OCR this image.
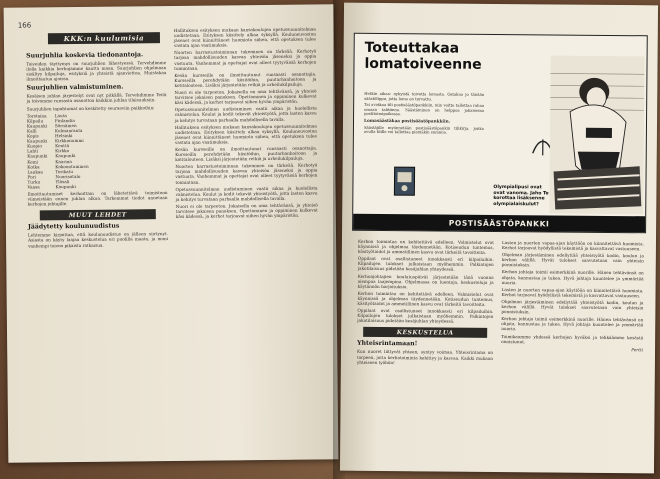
166
KKK:n kuulumisia
Suurjuhlia koskevia tiedonantoja.

Toiveiden täyttymys on suurjuhlien lähestyessä. Tervehdimme ilolla kaikkia kerhojamme kautta maan. Suurjuhlien ohjelmaan sisältyy kilpailuja, esityksiä ja yhteistä ajanviettoa. Muistakaa ilmoittautua ajoissa.

Suurjuhlien valmistuminen.

Kesäisen juhlan järjestelyt ovat nyt pitkällä. Tervehdimme Teitä ja toivomme runsasta osanottoa kaikkiin juhlan tilaisuuksiin.

Suurjuhlien tapahtumat on keskitetty seuraaviin paikkoihin:

Torstaina	Lauta
Kilpailu	Finlandia
Kaupunki	Sörnäinen
Kalli	Kulmanranta
Kopis	Helsinki
Kaupunki	Kirkkonummi
Kuopio	Kenttä
Lahti	Kirkko
Kaupunki	Kaupunki
Kemi	Kaarina
Kotka	Kokoontuminen
Laukaa	Torikatu
Pori	Nuorisotalo
Turku	Yläsali
Vaasa	Kaupunki

Ilmoittautumiset kerhoittain on lähetettävä toimistoon viimeistään ennen juhlan alkua. Tarkemmat tiedot annetaan kerhojen johtajille.

MUUT LEHDET
Jäädytetty koulunuudistus

Lehtemme kirjoittaa, että koulunuudistus on jälleen siirtynyt. Asiasta on käyty laajaa keskustelua eri puolilla maata, ja moni vanhempi toivoo pikaista ratkaisua.

Hallituksen esityksen mukaan kansakoulujen opetussuunnitelmaa uudistetaan. Esityksen käsittely alkaa syksyllä. Kouluneuvoston jäsenet ovat kiinnittäneet huomiota siihen, että opetuksen tulee vastata ajan vaatimuksia.

Nuorten harrastustoiminnan tukeminen on tärkeää. Kerhotyö tarjoaa mahdollisuuden kasvaa yhteisön jäseneksi ja oppia vastuuta. Vanhemmat ja opettajat ovat olleet tyytyväisiä kerhojen toimintaan.

Kesän kursseille on ilmoittautunut runsaasti osanottajia. Kursseilla perehdytään käsitöihin, puutarhanhoitoon ja kotitalouteen. Lisäksi järjestetään retkiä ja urheilukilpailuja.

Nuori ei ole tarpeeton. Jokaisella on oma tehtävänsä, ja yhteisö tarvitsee jokaisen panoksen. Opettaminen ja oppiminen kulkevat käsi kädessä, ja kerhot tarjoavat siihen hyvän ympäristön.

Opetussuunnitelman uudistaminen vaatii aikaa ja huolellista valmistelua. Koulut ja kodit tekevät yhteistyötä, jotta lasten kasvu ja kehitys turvataan parhaalla mahdollisella tavalla.

Hallituksen esityksen mukaan kansakoulujen opetussuunnitelmaa uudistetaan. Esityksen käsittely alkaa syksyllä. Kouluneuvoston jäsenet ovat kiinnittäneet huomiota siihen, että opetuksen tulee vastata ajan vaatimuksia.

Kesän kursseille on ilmoittautunut runsaasti osanottajia. Kursseilla perehdytään käsitöihin, puutarhanhoitoon ja kotitalouteen. Lisäksi järjestetään retkiä ja urheilukilpailuja.

Nuorten harrastustoiminnan tukeminen on tärkeää. Kerhotyö tarjoaa mahdollisuuden kasvaa yhteisön jäseneksi ja oppia vastuuta. Vanhemmat ja opettajat ovat olleet tyytyväisiä kerhojen toimintaan.

Opetussuunnitelman uudistaminen vaatii aikaa ja huolellista valmistelua. Koulut ja kodit tekevät yhteistyötä, jotta lasten kasvu ja kehitys turvataan parhaalla mahdollisella tavalla.

Nuori ei ole tarpeeton. Jokaisella on oma tehtävänsä, ja yhteisö tarvitsee jokaisen panoksen. Opettaminen ja oppiminen kulkevat käsi kädessä, ja kerhot tarjoavat siihen hyvän ympäristön.

Toteuttakaa lomatoiveenne

Hetkin aikaa: nykyistä toivetta lomasta. Ostakaa jo tänään säästölippu, jotta loma on turvattu.

Tai avatkaa tili postisäästöpankkiin, niin voitte tallettaa rahaa omaan tahtiinne. Säästäminen on helppoa jokaisessa postitoimipaikassa.

Lomasäästäkaa postisäästöpankkiin.

Säästäjille myönnetään postisäästöpankin tilikirja, jonka avulla tilille voi tallettaa pieniäkin summia.

Olympialipusi ovat ovat vanoma. Jaho Te korottaa lisäksenne olympialaiskulut?
POSTISÄÄSTÖPANKKI

Kerhon toimintaa on kehitettävä edelleen. Valmistelut ovat käynnissä ja ohjelmaa täydennetään. Kotiseudun tuntemus, käsityötaidot ja ammatillinen kasvu ovat tärkeitä tavoitteita.

Oppilaat ovat osallistuneet innokkaasti eri kilpailuihin. Kilpailujen tulokset julkaistaan myöhemmin. Palkintojen jakotilaisuus pidetään kesäjuhlan yhteydessä.

Kerhonjohtajien koulutuspäivät järjestetään tänä vuonna aiempaa laajempina. Ohjelmassa on luentoja, keskusteluja ja käytännön harjoituksia.

Kerhon toimintaa on kehitettävä edelleen. Valmistelut ovat käynnissä ja ohjelmaa täydennetään. Kotiseudun tuntemus, käsityötaidot ja ammatillinen kasvu ovat tärkeitä tavoitteita.

Oppilaat ovat osallistuneet innokkaasti eri kilpailuihin. Kilpailujen tulokset julkaistaan myöhemmin. Palkintojen jakotilaisuus pidetään kesäjuhlan yhteydessä.

KESKUSTELUA
Yhteisrintamaan!

Kun nuoret liittyvät yhteen, syntyy voimaa. Yhteisrintama on tarpeen, jotta kerhotoiminta kehittyy ja kasvaa. Kaikki mukaan yhteiseen työhön!

Lasten ja nuorten vapaa-ajan käyttöön on kiinnitettävä huomiota. Kerhot tarjoavat hyödyllistä tekemistä ja kasvattavat vastuuseen.

Ohjelman järjestäminen edellyttää yhteistyötä kodin, koulun ja kerhon välillä. Hyvät tulokset saavutetaan vain yhteisin ponnistuksin.

Kerhon johtaja toimii esimerkkinä nuorille. Hänen tehtävänsä on ohjata, kannustaa ja tukea. Hyvä johtaja kuuntelee ja ymmärtää nuoria.

Lasten ja nuorten vapaa-ajan käyttöön on kiinnitettävä huomiota. Kerhot tarjoavat hyödyllistä tekemistä ja kasvattavat vastuuseen.

Ohjelman järjestäminen edellyttää yhteistyötä kodin, koulun ja kerhon välillä. Hyvät tulokset saavutetaan vain yhteisin ponnistuksin.

Kerhon johtaja toimii esimerkkinä nuorille. Hänen tehtävänsä on ohjata, kannustaa ja tukea. Hyvä johtaja kuuntelee ja ymmärtää nuoria.

Toimikaamme yhdessä kerhojen hyväksi ja tehkäämme kesästä onnistunut.

Pertti
